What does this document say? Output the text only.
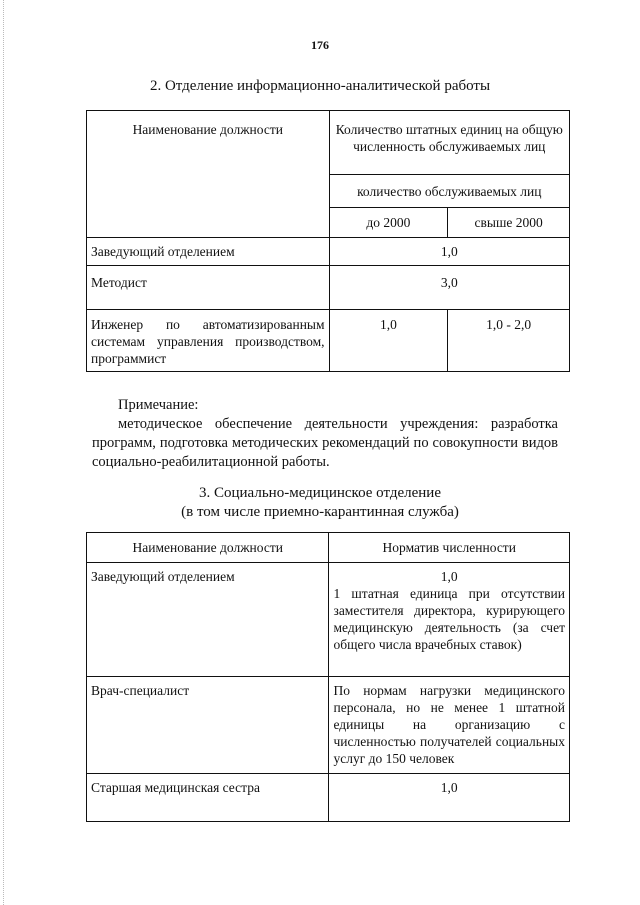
176
2. Отделение информационно-аналитической работы
Наименование должности	Количество штатных единиц на общую численность обслуживаемых лиц	
	количество обслуживаемых лиц	
	до 2000	свыше 2000
Заведующий отделением	1,0	
Методист	3,0	
Инженер по автоматизированным системам управления производством, программист	1,0	1,0 - 2,0

Примечание:

методическое обеспечение деятельности учреждения: разработка программ, подготовка методических рекомендаций по совокупности видов социально-реабилитационной работы.

3. Социально-медицинское отделение
(в том числе приемно-карантинная служба)
Наименование должности	Норматив численности
Заведующий отделением	1,0
1 штатная единица при отсутствии заместителя директора, курирующего медицинскую деятельность (за счет общего числа врачебных ставок)

Врач-специалист	По нормам нагрузки медицинского персонала, но не менее 1 штатной единицы на организацию с численностью получателей социальных услуг до 150 человек
Старшая медицинская сестра	1,0
